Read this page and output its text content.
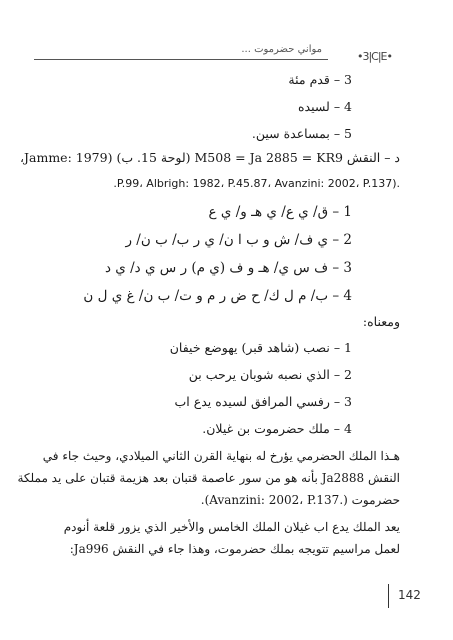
•3|C|E•
مواني حضرموت ...
3 – قدم مئة
4 – لسيده
5 – بمساعدة سين.
د – النقش M508 = Ja 2885 = KR9 (لوحة 15. ب) (Jamme: 1979،
.(P.99، Albrigh: 1982، P.45.87، Avanzini: 2002، P.137.
1 – ق/ ي ع/ ي هـ و/ ي ع
2 – ي ف/ ش و ب ا ن/ ي ر ب/ ب ن/ ر
3 – ف س ي/ هـ و ف (ي م) ر س ي د/ ي د
4 – ب/ م ل ك/ ح ض ر م و ت/ ب ن/ غ ي ل ن
ومعناه:
1 – نصب (شاهد قبر) يهوضع خيفان
2 – الذي نصبه شوبان يرحب بن
3 – رفسي المرافق لسيده يدع اب
4 – ملك حضرموت بن غيلان.
هـذا الملك الحضرمي يؤرخ له بنهاية القرن الثاني الميلادي، وحيث جاء في
النقش Ja2888 بأنه هو من سور عاصمة قتبان بعد هزيمة قتبان على يد مملكة
حضرموت (.Avanzini: 2002، P.137).
يعد الملك يدع اب غيلان الملك الخامس والأخير الذي يزور قلعة أنودم
لعمل مراسيم تتويجه بملك حضرموت، وهذا جاء في النقش Ja996:
142
